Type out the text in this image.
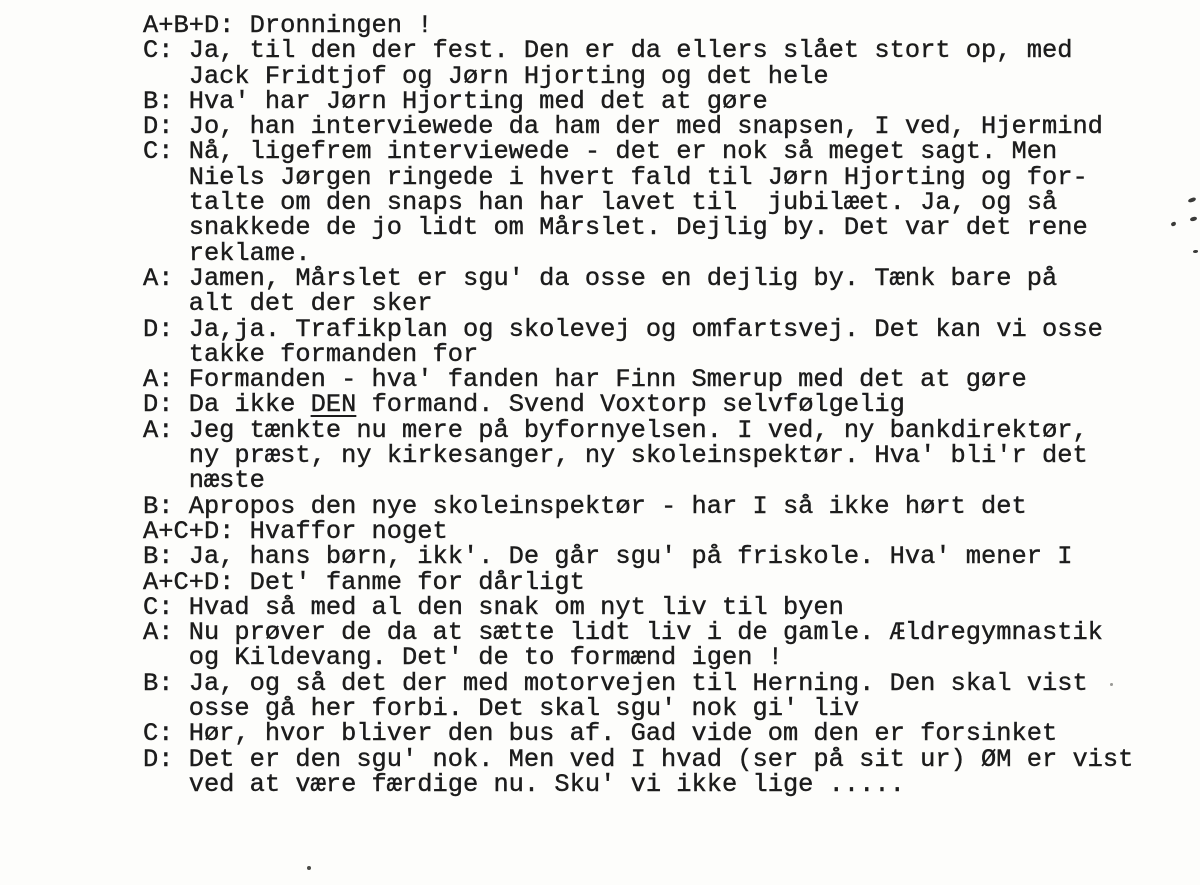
A+B+D: Dronningen !
C: Ja, til den der fest. Den er da ellers slået stort op, med
Jack Fridtjof og Jørn Hjorting og det hele
B: Hva' har Jørn Hjorting med det at gøre
D: Jo, han interviewede da ham der med snapsen, I ved, Hjermind
C: Nå, ligefrem interviewede - det er nok så meget sagt. Men
Niels Jørgen ringede i hvert fald til Jørn Hjorting og for-
talte om den snaps han har lavet til  jubilæet. Ja, og så
snakkede de jo lidt om Mårslet. Dejlig by. Det var det rene
reklame.
A: Jamen, Mårslet er sgu' da osse en dejlig by. Tænk bare på
alt det der sker
D: Ja,ja. Trafikplan og skolevej og omfartsvej. Det kan vi osse
takke formanden for
A: Formanden - hva' fanden har Finn Smerup med det at gøre
D: Da ikke DEN formand. Svend Voxtorp selvfølgelig
A: Jeg tænkte nu mere på byfornyelsen. I ved, ny bankdirektør,
ny præst, ny kirkesanger, ny skoleinspektør. Hva' bli'r det
næste
B: Apropos den nye skoleinspektør - har I så ikke hørt det
A+C+D: Hvaffor noget
B: Ja, hans børn, ikk'. De går sgu' på friskole. Hva' mener I
A+C+D: Det' fanme for dårligt
C: Hvad så med al den snak om nyt liv til byen
A: Nu prøver de da at sætte lidt liv i de gamle. Ældregymnastik
og Kildevang. Det' de to formænd igen !
B: Ja, og så det der med motorvejen til Herning. Den skal vist
osse gå her forbi. Det skal sgu' nok gi' liv
C: Hør, hvor bliver den bus af. Gad vide om den er forsinket
D: Det er den sgu' nok. Men ved I hvad (ser på sit ur) ØM er vist
ved at være færdige nu. Sku' vi ikke lige .....
